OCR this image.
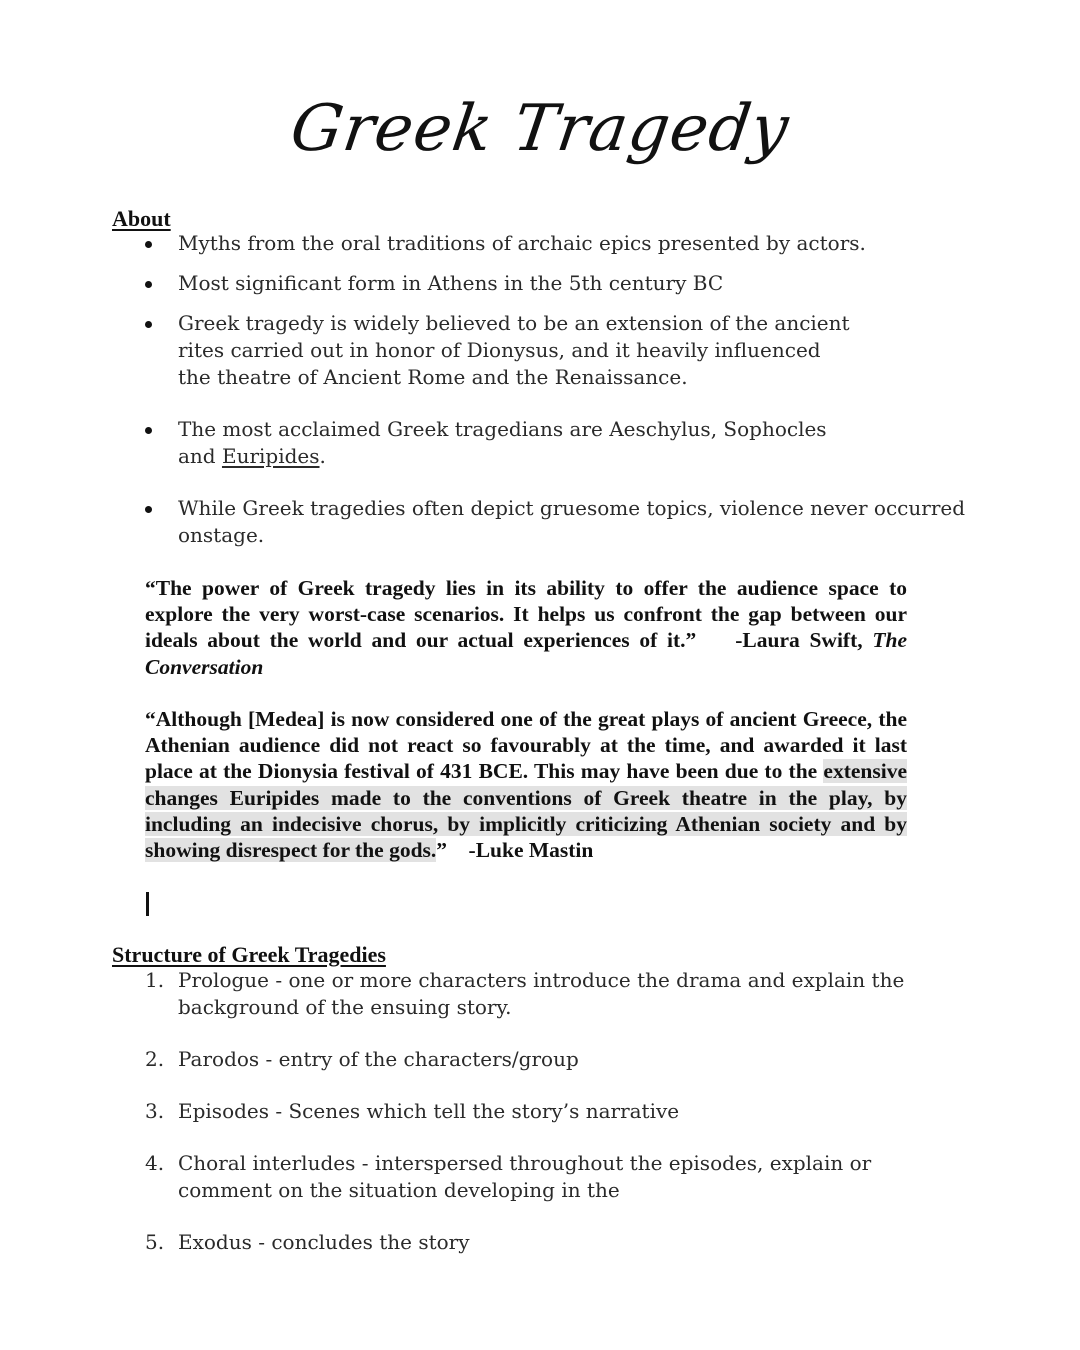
Greek Tragedy
About
Myths from the oral traditions of archaic epics presented by actors.
Most significant form in Athens in the 5th century BC
Greek tragedy is widely believed to be an extension of the ancient rites carried out in honor of Dionysus, and it heavily influenced the theatre of Ancient Rome and the Renaissance.
The most acclaimed Greek tragedians are Aeschylus, Sophocles and Euripides.
While Greek tragedies often depict gruesome topics, violence never occurred onstage.

“The power of Greek tragedy lies in its ability to offer the audience space to explore the very worst-case scenarios. It helps us confront the gap between our ideals about the world and our actual experiences of it.” -Laura Swift, The Conversation

“Although [Medea] is now considered one of the great plays of ancient Greece, the Athenian audience did not react so favourably at the time, and awarded it last place at the Dionysia festival of 431 BCE. This may have been due to the extensive changes Euripides made to the conventions of Greek theatre in the play, by including an indecisive chorus, by implicitly criticizing Athenian society and by showing disrespect for the gods.” -Luke Mastin

Structure of Greek Tragedies
1. Prologue - one or more characters introduce the drama and explain the background of the ensuing story.
2. Parodos - entry of the characters/group
3. Episodes - Scenes which tell the story’s narrative
4. Choral interludes - interspersed throughout the episodes, explain or comment on the situation developing in the
5. Exodus - concludes the story
